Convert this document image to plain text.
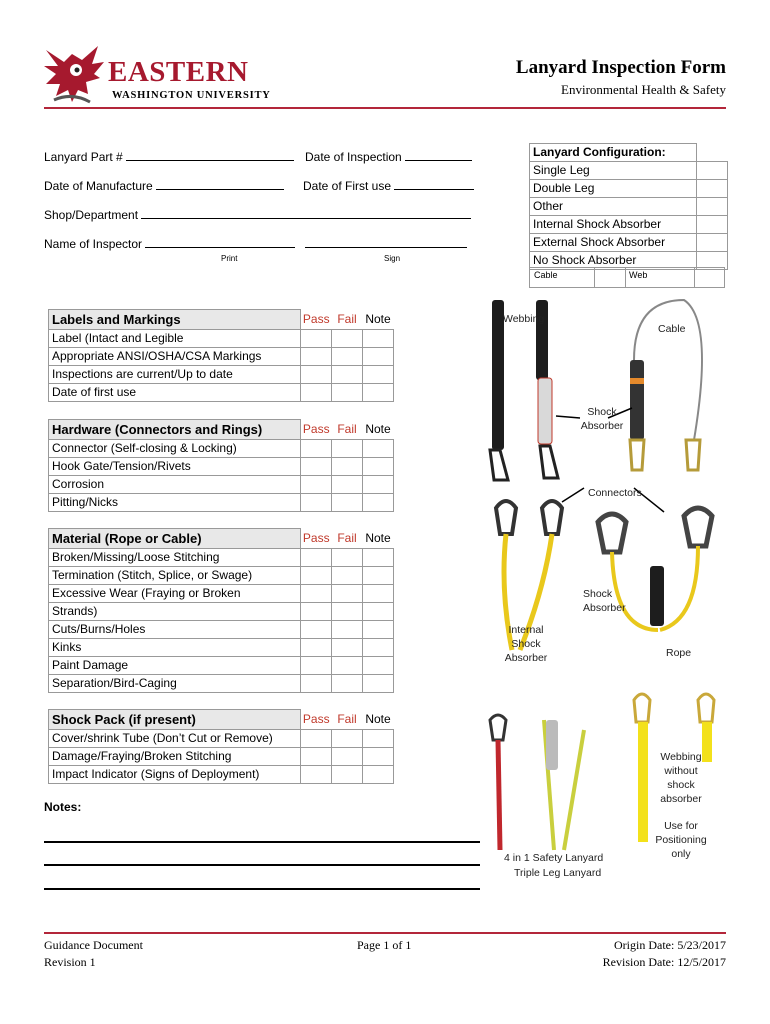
EASTERN
WASHINGTON UNIVERSITY
Lanyard Inspection Form
Environmental Health & Safety
Lanyard Part #	Date of Inspection
Date of Manufacture	Date of First use
Shop/Department
Name of Inspector
Print	Sign
Lanyard Configuration:	
Single Leg	
Double Leg	
Other	
Internal Shock Absorber	
External Shock Absorber	
No Shock Absorber	
Cable	Web
Labels and Markings	Pass	Fail	Note
Label (Intact and Legible			
Appropriate ANSI/OSHA/CSA Markings			
Inspections are current/Up to date			
Date of first use			
Hardware (Connectors and Rings)	Pass	Fail	Note
Connector (Self-closing & Locking)			
Hook Gate/Tension/Rivets			
Corrosion			
Pitting/Nicks			
Material (Rope or Cable)	Pass	Fail	Note
Broken/Missing/Loose Stitching			
Termination (Stitch, Splice, or Swage)			
Excessive Wear (Fraying or Broken			
Strands)			
Cuts/Burns/Holes			
Kinks			
Paint Damage			
Separation/Bird-Caging			
Shock Pack (if present)	Pass	Fail	Note
Cover/shrink Tube (Don’t Cut or Remove)			
Damage/Fraying/Broken Stitching			
Impact Indicator (Signs of Deployment)			
Notes:
Webbing
Cable
Shock Absorber
Connectors
Internal Shock Absorber
Shock Absorber
Rope
Webbing without shock absorber
Use for Positioning only
4 in 1 Safety Lanyard
Triple Leg Lanyard
Guidance Document
Revision 1
Page 1 of 1	Origin Date: 5/23/2017
Revision Date: 12/5/2017
